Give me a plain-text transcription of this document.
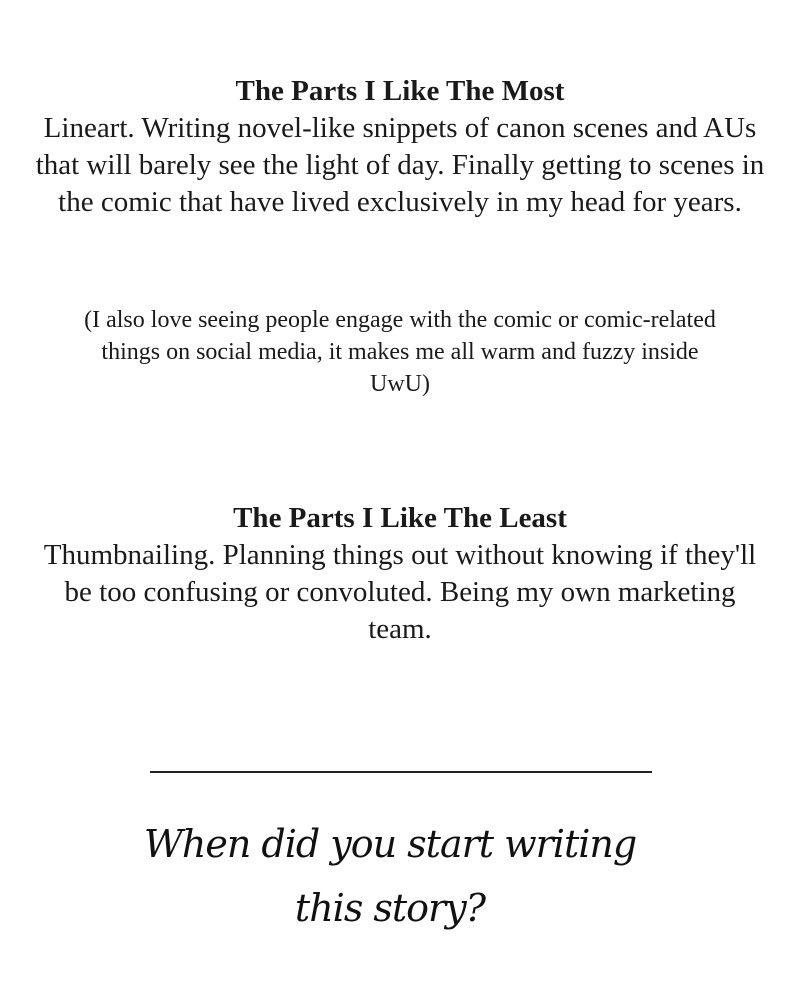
The Parts I Like The Most
Lineart. Writing novel-like snippets of canon scenes and AUs that will barely see the light of day. Finally getting to scenes in the comic that have lived exclusively in my head for years.
(I also love seeing people engage with the comic or comic-related things on social media, it makes me all warm and fuzzy inside UwU)
The Parts I Like The Least
Thumbnailing. Planning things out without knowing if they'll be too confusing or convoluted. Being my own marketing team.
When did you start writing this story?
